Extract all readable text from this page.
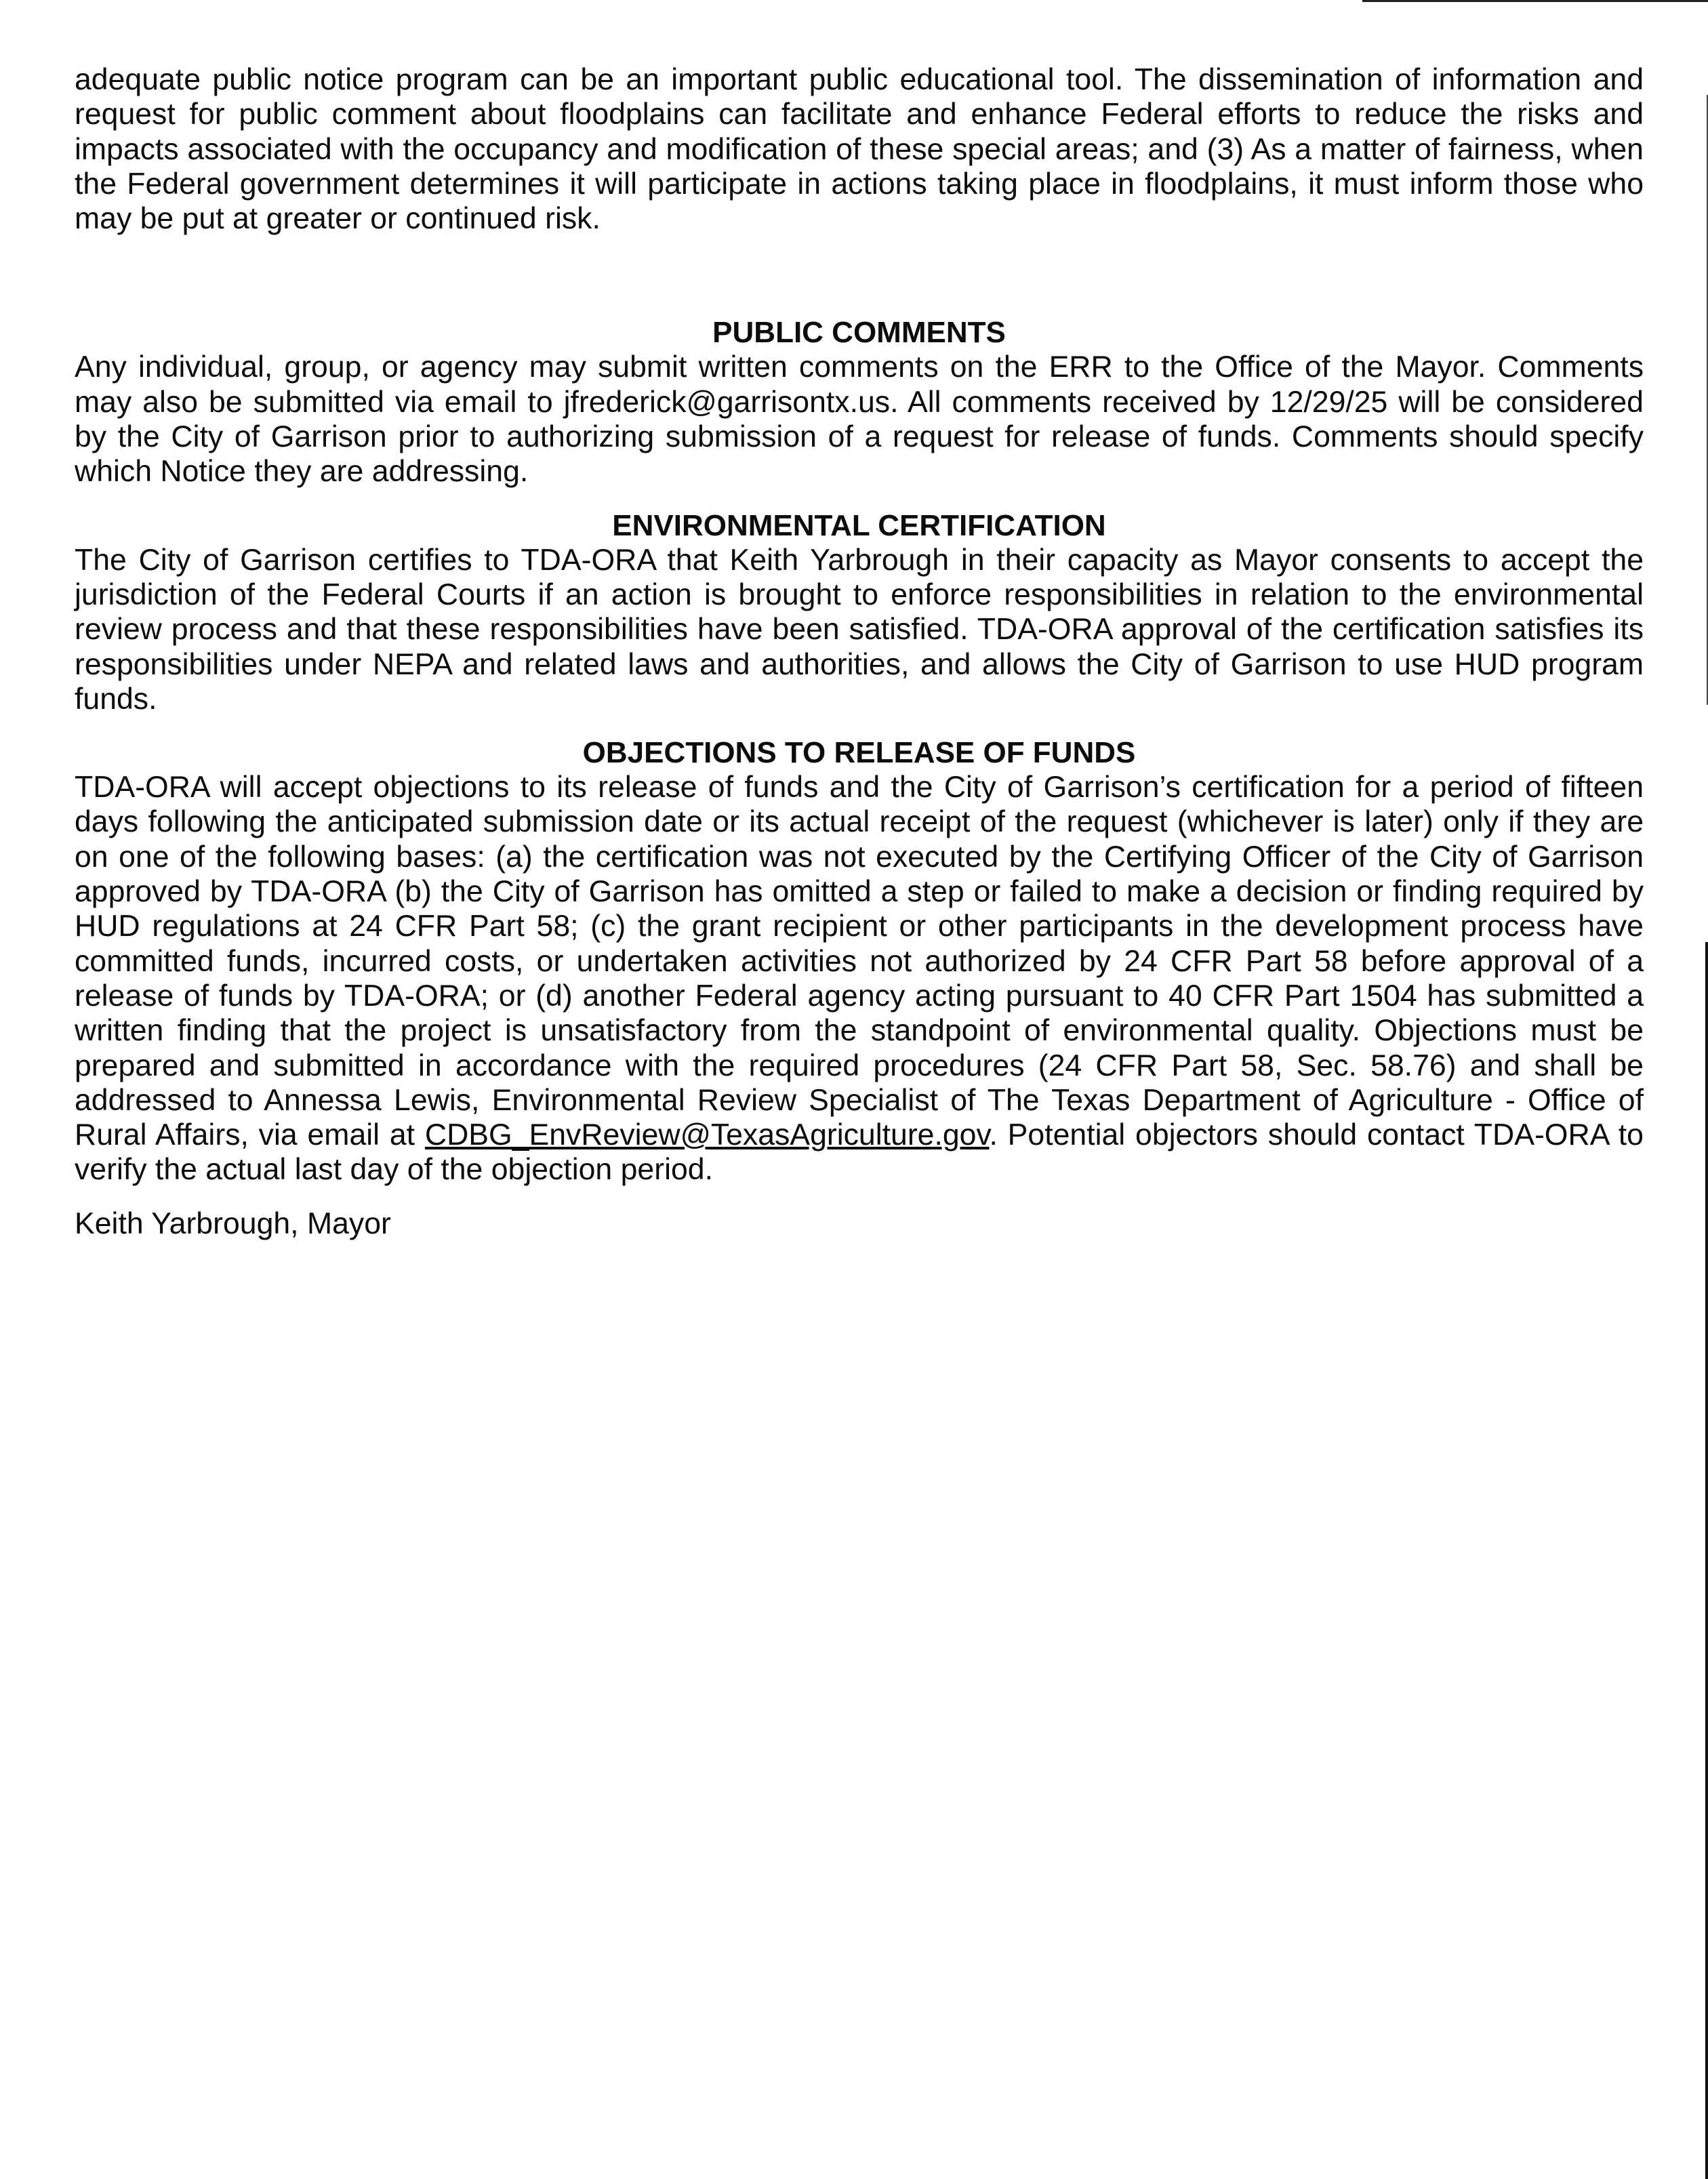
adequate public notice program can be an important public educational tool. The dissemination of information and request for public comment about floodplains can facilitate and enhance Federal efforts to reduce the risks and impacts associated with the occupancy and modification of these special areas; and (3) As a matter of fairness, when the Federal government determines it will participate in actions taking place in floodplains, it must inform those who may be put at greater or continued risk.

PUBLIC COMMENTS

Any individual, group, or agency may submit written comments on the ERR to the Office of the Mayor. Comments may also be submitted via email to jfrederick@garrisontx.us. All comments received by 12/29/25 will be considered by the City of Garrison prior to authorizing submission of a request for release of funds. Comments should specify which Notice they are addressing.

ENVIRONMENTAL CERTIFICATION

The City of Garrison certifies to TDA-ORA that Keith Yarbrough in their capacity as Mayor consents to accept the jurisdiction of the Federal Courts if an action is brought to enforce responsibilities in relation to the environmental review process and that these responsibilities have been satisfied. TDA-ORA approval of the certification satisfies its responsibilities under NEPA and related laws and authorities, and allows the City of Garrison to use HUD program funds.

OBJECTIONS TO RELEASE OF FUNDS

TDA-ORA will accept objections to its release of funds and the City of Garrison’s certification for a period of fifteen days following the anticipated submission date or its actual receipt of the request (whichever is later) only if they are on one of the following bases: (a) the certification was not executed by the Certifying Officer of the City of Garrison approved by TDA-ORA (b) the City of Garrison has omitted a step or failed to make a decision or finding required by HUD regulations at 24 CFR Part 58; (c) the grant recipient or other participants in the development process have committed funds, incurred costs, or undertaken activities not authorized by 24 CFR Part 58 before approval of a release of funds by TDA-ORA; or (d) another Federal agency acting pursuant to 40 CFR Part 1504 has submitted a written finding that the project is unsatisfactory from the standpoint of environmental quality. Objections must be prepared and submitted in accordance with the required procedures (24 CFR Part 58, Sec. 58.76) and shall be addressed to Annessa Lewis, Environmental Review Specialist of The Texas Department of Agriculture - Office of Rural Affairs, via email at CDBG_EnvReview@TexasAgriculture.gov. Potential objectors should contact TDA-ORA to verify the actual last day of the objection period.

Keith Yarbrough, Mayor
